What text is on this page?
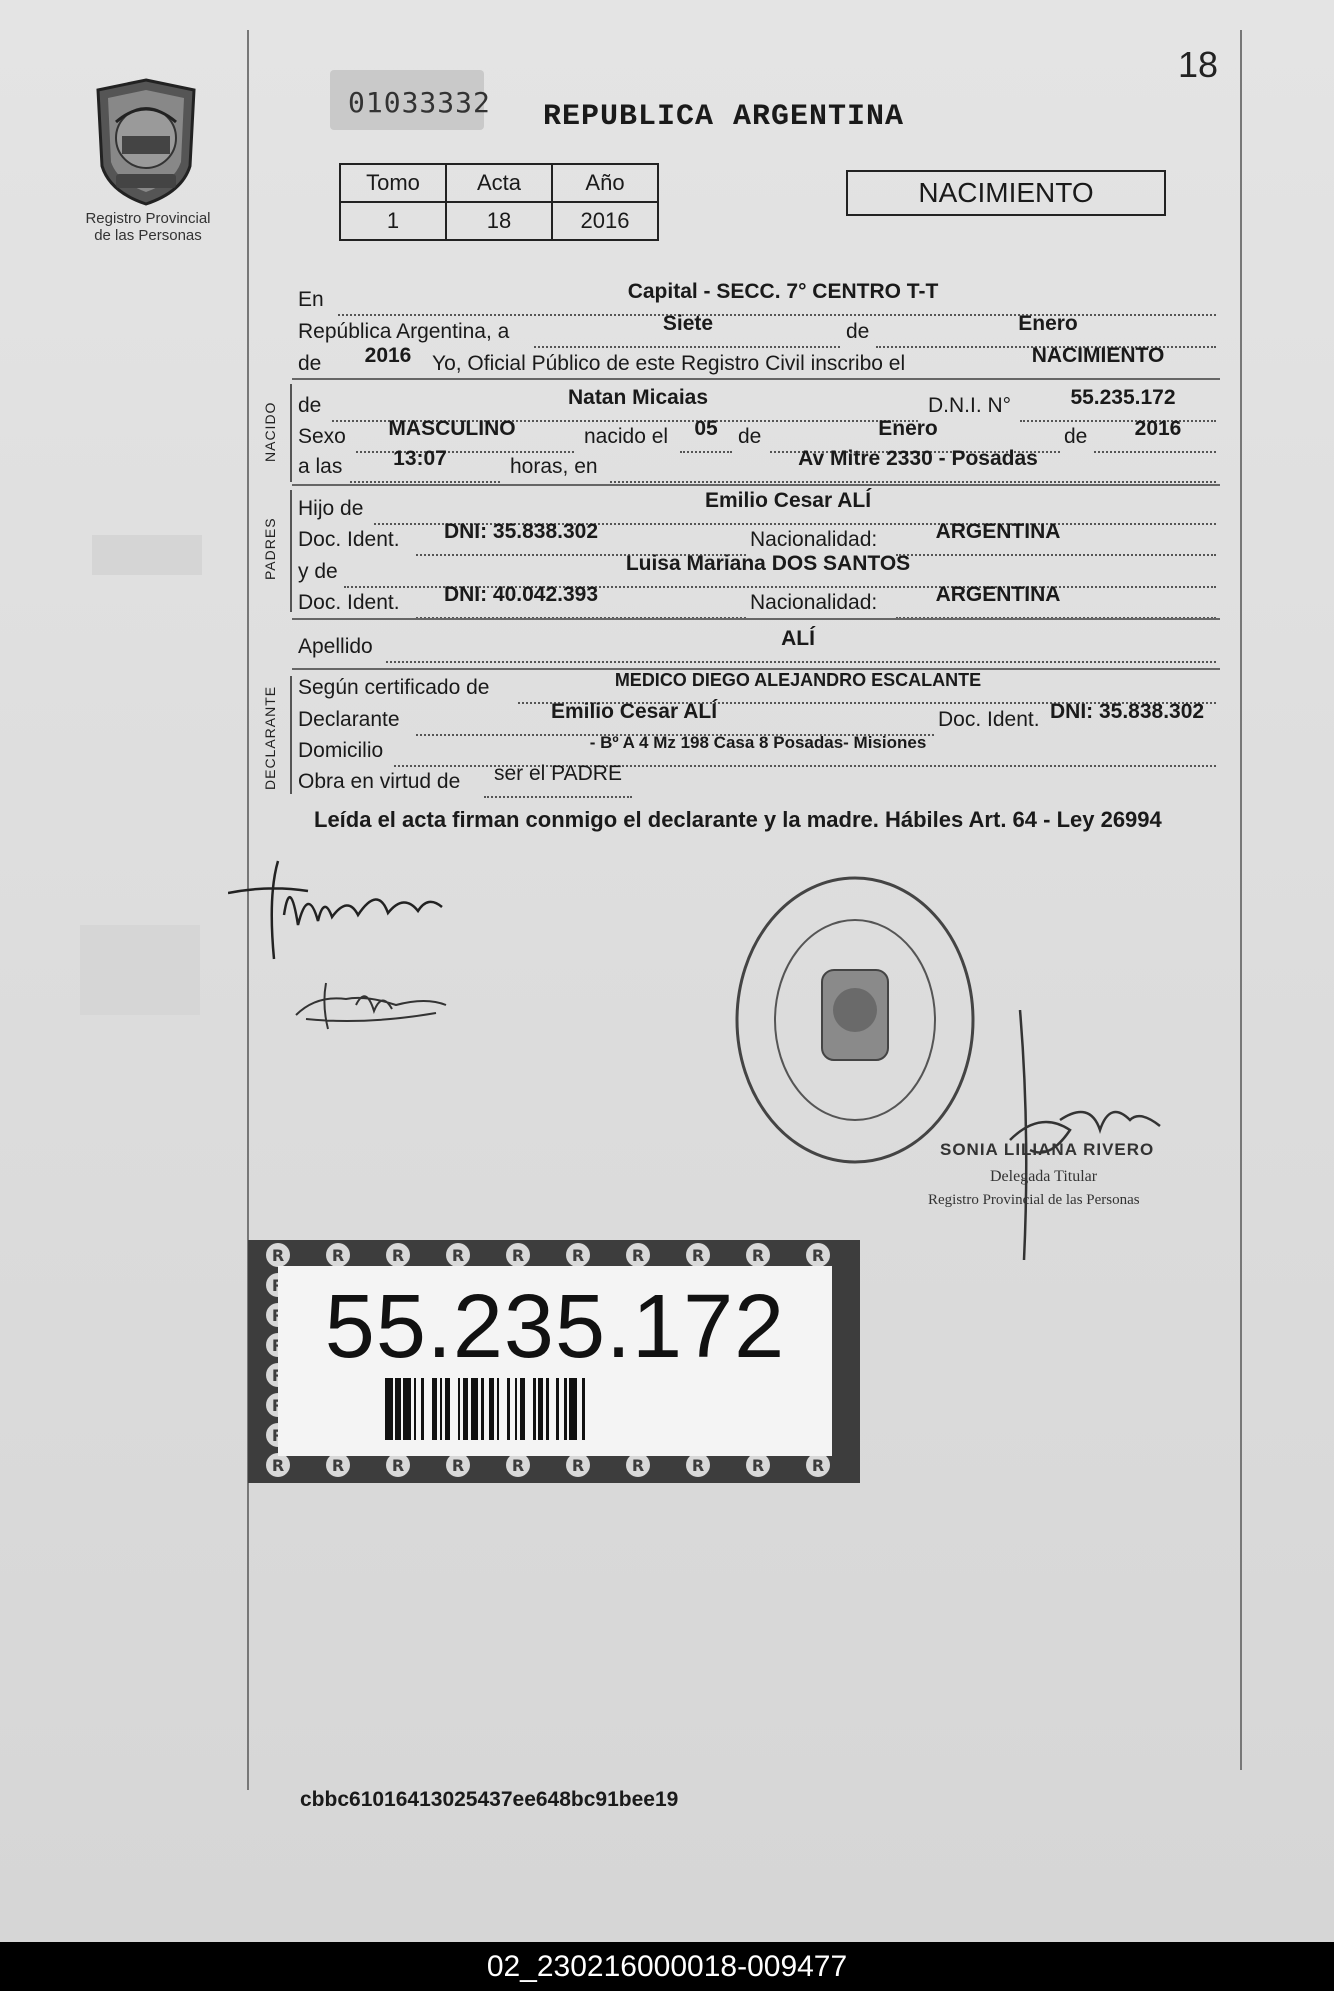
18
Registro Provincial
de las Personas
01033332 REPUBLICA ARGENTINA
Tomo	Acta	Año
1	18	2016
NACIMIENTO
En	Capital - SECC. 7° CENTRO T-T
República Argentina, a	Siete	de	Enero
de	2016 Yo, Oficial Público de este Registro Civil inscribo el	NACIMIENTO
NACIDO de	Natan Micaias	D.N.I. N°	55.235.172
Sexo	MASCULINO	nacido el	05 de	Enero	de	2016
a las	13:07	horas, en	Av Mitre 2330 - Posadas
PADRES
Hijo de	Emilio Cesar ALÍ
Doc. Ident.	DNI: 35.838.302	Nacionalidad:	ARGENTINA
y de	Luisa Mariana DOS SANTOS
Doc. Ident.	DNI: 40.042.393	Nacionalidad:	ARGENTINA
Apellido	ALÍ
DECLARANTE Según certificado de	MEDICO DIEGO ALEJANDRO ESCALANTE
Declarante	Emilio Cesar ALÍ	Doc. Ident. DNI: 35.838.302
Domicilio	- Bº A 4 Mz 198 Casa 8 Posadas- Misiones
Obra en virtud de ser el PADRE
Leída el acta firman conmigo el declarante y la madre. Hábiles Art. 64 - Ley 26994
SONIA LILIANA RIVERO
Delegada Titular
Registro Provincial de las Personas
55.235.172
cbbc61016413025437ee648bc91bee19
02_230216000018-009477
